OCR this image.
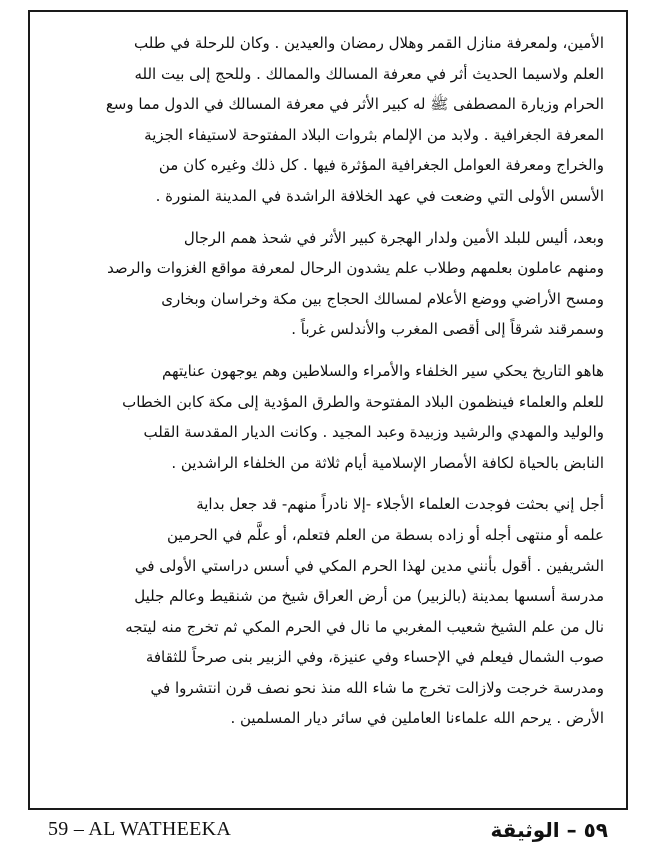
الأمين، ولمعرفة منازل القمر وهلال رمضان والعيدين . وكان للرحلة في طلب
العلم ولاسيما الحديث أثر في معرفة المسالك والممالك . وللحج إلى بيت الله
الحرام وزيارة المصطفى ﷺ له كبير الأثر في معرفة المسالك في الدول مما وسع
المعرفة الجغرافية . ولابد من الإلمام بثروات البلاد المفتوحة لاستيفاء الجزية
والخراج ومعرفة العوامل الجغرافية المؤثرة فيها . كل ذلك وغيره كان من
الأسس الأولى التي وضعت في عهد الخلافة الراشدة في المدينة المنورة .

وبعد، أليس للبلد الأمين ولدار الهجرة كبير الأثر في شحذ همم الرجال
ومنهم عاملون بعلمهم وطلاب علم يشدون الرحال لمعرفة مواقع الغزوات والرصد
ومسح الأراضي ووضع الأعلام لمسالك الحجاج بين مكة وخراسان وبخارى
وسمرقند شرقاً إلى أقصى المغرب والأندلس غرباً .

هاهو التاريخ يحكي سير الخلفاء والأمراء والسلاطين وهم يوجهون عنايتهم
للعلم والعلماء فينظمون البلاد المفتوحة والطرق المؤدية إلى مكة كابن الخطاب
والوليد والمهدي والرشيد وزبيدة وعبد المجيد . وكانت الديار المقدسة القلب
النابض بالحياة لكافة الأمصار الإسلامية أيام ثلاثة من الخلفاء الراشدين .

أجل إني بحثت فوجدت العلماء الأجلاء -إلا نادراً منهم- قد جعل بداية
علمه أو منتهى أجله أو زاده بسطة من العلم فتعلم، أو علَّم في الحرمين
الشريفين . أقول بأنني مدين لهذا الحرم المكي في أسس دراستي الأولى في
مدرسة أسسها بمدينة (بالزبير) من أرض العراق شيخ من شنقيط وعالم جليل
نال من علم الشيخ شعيب المغربي ما نال في الحرم المكي ثم تخرج منه ليتجه
صوب الشمال فيعلم في الإحساء وفي عنيزة، وفي الزبير بنى صرحاً للثقافة
ومدرسة خرجت ولازالت تخرج ما شاء الله منذ نحو نصف قرن انتشروا في
الأرض . يرحم الله علماءنا العاملين في سائر ديار المسلمين .

59 – AL WATHEEKA	٥٩ – الوثيقة
